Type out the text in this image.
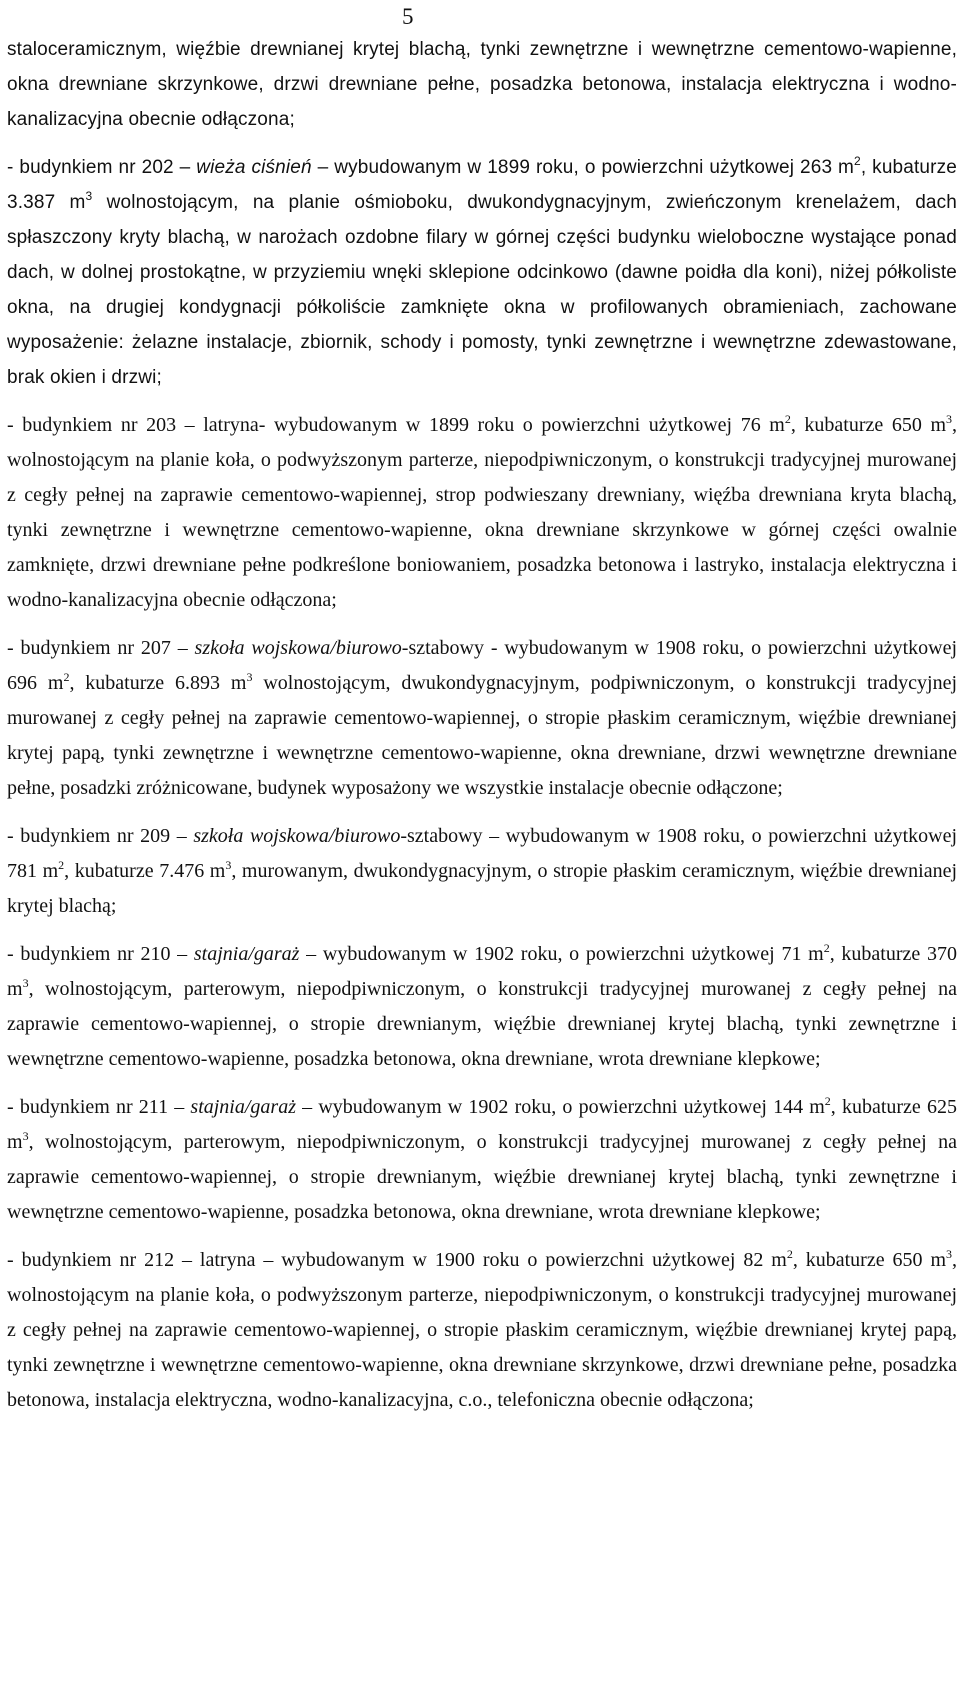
5

staloceramicznym, więźbie drewnianej krytej blachą, tynki zewnętrzne i wewnętrzne cementowo-wapienne, okna drewniane skrzynkowe, drzwi drewniane pełne, posadzka betonowa, instalacja elektryczna i wodno-kanalizacyjna obecnie odłączona;

- budynkiem nr 202 – wieża ciśnień – wybudowanym w 1899 roku, o powierzchni użytkowej 263 $m^2$, kubaturze 3.387 $m^3$ wolnostojącym, na planie ośmioboku, dwukondygnacyjnym, zwieńczonym krenelażem, dach spłaszczony kryty blachą, w narożach ozdobne filary w górnej części budynku wieloboczne wystające ponad dach, w dolnej prostokątne, w przyziemiu wnęki sklepione odcinkowo (dawne poidła dla koni), niżej półkoliste okna, na drugiej kondygnacji półkoliście zamknięte okna w profilowanych obramieniach, zachowane wyposażenie: żelazne instalacje, zbiornik, schody i pomosty, tynki zewnętrzne i wewnętrzne zdewastowane, brak okien i drzwi;

- budynkiem nr 203 – latryna- wybudowanym w 1899 roku o powierzchni użytkowej 76 $m^2$, kubaturze 650 $m^3$, wolnostojącym na planie koła, o podwyższonym parterze, niepodpiwniczonym, o konstrukcji tradycyjnej murowanej z cegły pełnej na zaprawie cementowo-wapiennej, strop podwieszany drewniany, więźba drewniana kryta blachą, tynki zewnętrzne i wewnętrzne cementowo-wapienne, okna drewniane skrzynkowe w górnej części owalnie zamknięte, drzwi drewniane pełne podkreślone boniowaniem, posadzka betonowa i lastryko, instalacja elektryczna i wodno-kanalizacyjna obecnie odłączona;

- budynkiem nr 207 – szkoła wojskowa/biurowo-sztabowy - wybudowanym w 1908 roku, o powierzchni użytkowej 696 $m^2$, kubaturze 6.893 $m^3$ wolnostojącym, dwukondygnacyjnym, podpiwniczonym, o konstrukcji tradycyjnej murowanej z cegły pełnej na zaprawie cementowo-wapiennej, o stropie płaskim ceramicznym, więźbie drewnianej krytej papą, tynki zewnętrzne i wewnętrzne cementowo-wapienne, okna drewniane, drzwi wewnętrzne drewniane pełne, posadzki zróżnicowane, budynek wyposażony we wszystkie instalacje obecnie odłączone;

- budynkiem nr 209 – szkoła wojskowa/biurowo-sztabowy – wybudowanym w 1908 roku, o powierzchni użytkowej 781 $m^2$, kubaturze 7.476 $m^3$, murowanym, dwukondygnacyjnym, o stropie płaskim ceramicznym, więźbie drewnianej krytej blachą;

- budynkiem nr 210 – stajnia/garaż – wybudowanym w 1902 roku, o powierzchni użytkowej 71 $m^2$, kubaturze 370 $m^3$, wolnostojącym, parterowym, niepodpiwniczonym, o konstrukcji tradycyjnej murowanej z cegły pełnej na zaprawie cementowo-wapiennej, o stropie drewnianym, więźbie drewnianej krytej blachą, tynki zewnętrzne i wewnętrzne cementowo-wapienne, posadzka betonowa, okna drewniane, wrota drewniane klepkowe;

- budynkiem nr 211 – stajnia/garaż – wybudowanym w 1902 roku, o powierzchni użytkowej 144 $m^2$, kubaturze 625 $m^3$, wolnostojącym, parterowym, niepodpiwniczonym, o konstrukcji tradycyjnej murowanej z cegły pełnej na zaprawie cementowo-wapiennej, o stropie drewnianym, więźbie drewnianej krytej blachą, tynki zewnętrzne i wewnętrzne cementowo-wapienne, posadzka betonowa, okna drewniane, wrota drewniane klepkowe;

- budynkiem nr 212 – latryna – wybudowanym w 1900 roku o powierzchni użytkowej 82 $m^2$, kubaturze 650 $m^3$, wolnostojącym na planie koła, o podwyższonym parterze, niepodpiwniczonym, o konstrukcji tradycyjnej murowanej z cegły pełnej na zaprawie cementowo-wapiennej, o stropie płaskim ceramicznym, więźbie drewnianej krytej papą, tynki zewnętrzne i wewnętrzne cementowo-wapienne, okna drewniane skrzynkowe, drzwi drewniane pełne, posadzka betonowa, instalacja elektryczna, wodno-kanalizacyjna, c.o., telefoniczna obecnie odłączona;
